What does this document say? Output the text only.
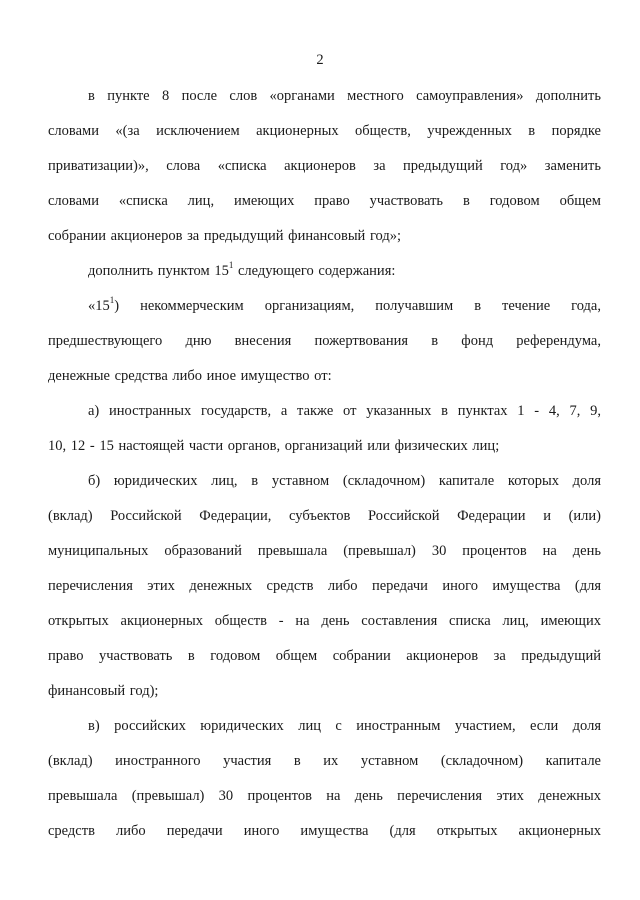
2

в пункте 8 после слов «органами местного самоуправления» дополнить
словами «(за исключением акционерных обществ, учрежденных в порядке
приватизации)», слова «списка акционеров за предыдущий год» заменить
словами «списка лиц, имеющих право участвовать в годовом общем
собрании акционеров за предыдущий финансовый год»;

дополнить пунктом $15^1$ следующего содержания:

«$15^1$) некоммерческим организациям, получавшим в течение года,
предшествующего дню внесения пожертвования в фонд референдума,
денежные средства либо иное имущество от:

а) иностранных государств, а также от указанных в пунктах 1 - 4, 7, 9,
10, 12 - 15 настоящей части органов, организаций или физических лиц;

б) юридических лиц, в уставном (складочном) капитале которых доля
(вклад) Российской Федерации, субъектов Российской Федерации и (или)
муниципальных образований превышала (превышал) 30 процентов на день
перечисления этих денежных средств либо передачи иного имущества (для
открытых акционерных обществ - на день составления списка лиц, имеющих
право участвовать в годовом общем собрании акционеров за предыдущий
финансовый год);

в) российских юридических лиц с иностранным участием, если доля
(вклад) иностранного участия в их уставном (складочном) капитале
превышала (превышал) 30 процентов на день перечисления этих денежных
средств либо передачи иного имущества (для открытых акционерных
